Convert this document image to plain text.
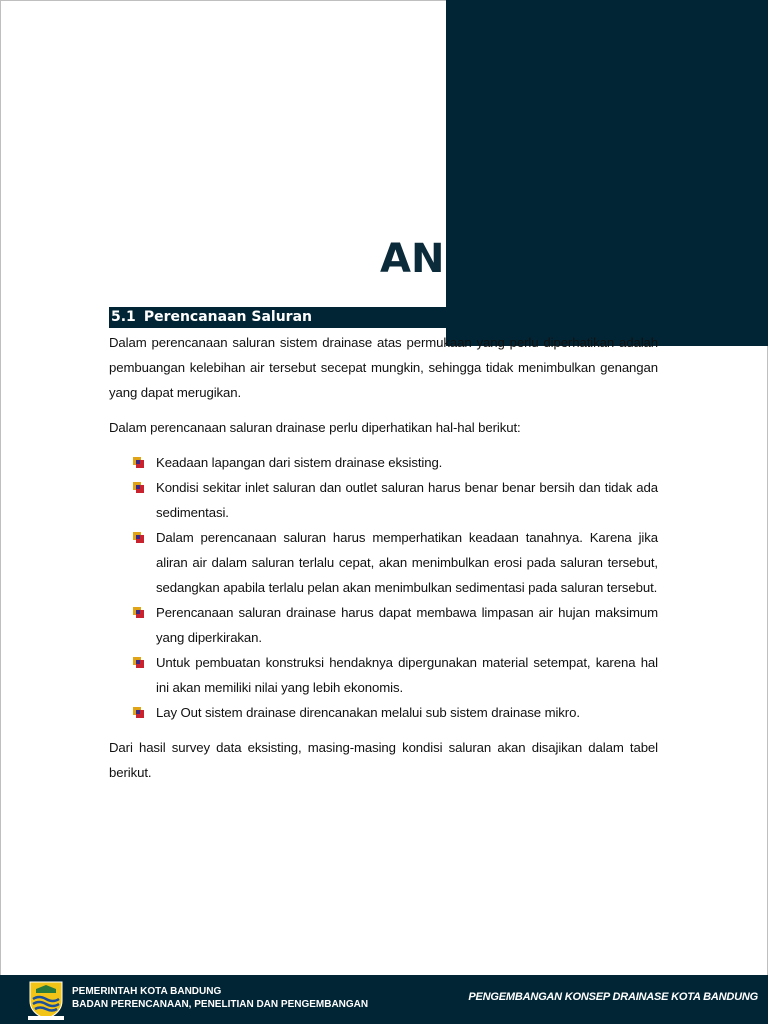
AN
5.1 Perencanaan Saluran

Dalam perencanaan saluran sistem drainase atas permukaan yang perlu diperhatikan adalah pembuangan kelebihan air tersebut secepat mungkin, sehingga tidak menimbulkan genangan yang dapat merugikan.

Dalam perencanaan saluran drainase perlu diperhatikan hal-hal berikut:

Keadaan lapangan dari sistem drainase eksisting.
Kondisi sekitar inlet saluran dan outlet saluran harus benar benar bersih dan tidak ada sedimentasi.
Dalam perencanaan saluran harus memperhatikan keadaan tanahnya. Karena jika aliran air dalam saluran terlalu cepat, akan menimbulkan erosi pada saluran tersebut, sedangkan apabila terlalu pelan akan menimbulkan sedimentasi pada saluran tersebut.
Perencanaan saluran drainase harus dapat membawa limpasan air hujan maksimum yang diperkirakan.
Untuk pembuatan konstruksi hendaknya dipergunakan material setempat, karena hal ini akan memiliki nilai yang lebih ekonomis.
Lay Out sistem drainase direncanakan melalui sub sistem drainase mikro.

Dari hasil survey data eksisting, masing-masing kondisi saluran akan disajikan dalam tabel berikut.

PEMERINTAH KOTA BANDUNG
BADAN PERENCANAAN, PENELITIAN DAN PENGEMBANGAN
PENGEMBANGAN KONSEP DRAINASE KOTA BANDUNG
